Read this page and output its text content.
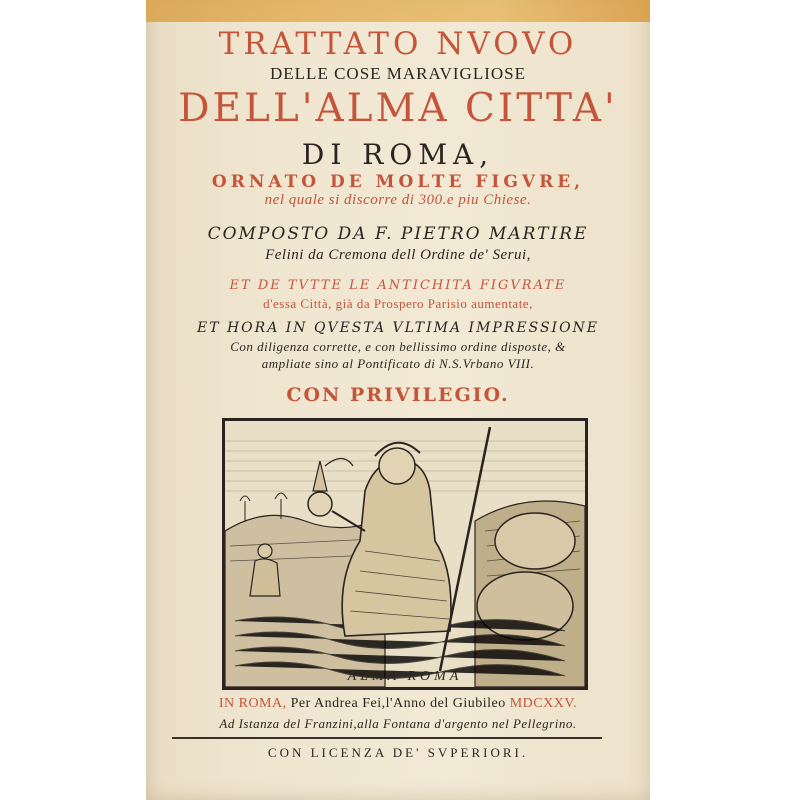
TRATTATO NVOVO
DELLE COSE MARAVIGLIOSE
DELL'ALMA CITTA'
DI ROMA,
ORNATO DE MOLTE FIGVRE,
nel quale si discorre di 300.e piu Chiese.
COMPOSTO DA F. PIETRO MARTIRE
Felini da Cremona dell Ordine de' Serui,
ET DE TVTTE LE ANTICHITA FIGVRATE
d'essa Città, già da Prospero Parisio aumentate,
ET HORA IN QVESTA VLTIMA IMPRESSIONE
Con diligenza corrette, e con bellissimo ordine disposte, &
ampliate sino al Pontificato di N.S.Vrbano VIII.
CON PRIVILEGIO.
ALMA ROMA
IN ROMA, Per Andrea Fei,l'Anno del Giubileo MDCXXV.
Ad Istanza del Franzini,alla Fontana d'argento nel Pellegrino.
CON LICENZA DE' SVPERIORI.
